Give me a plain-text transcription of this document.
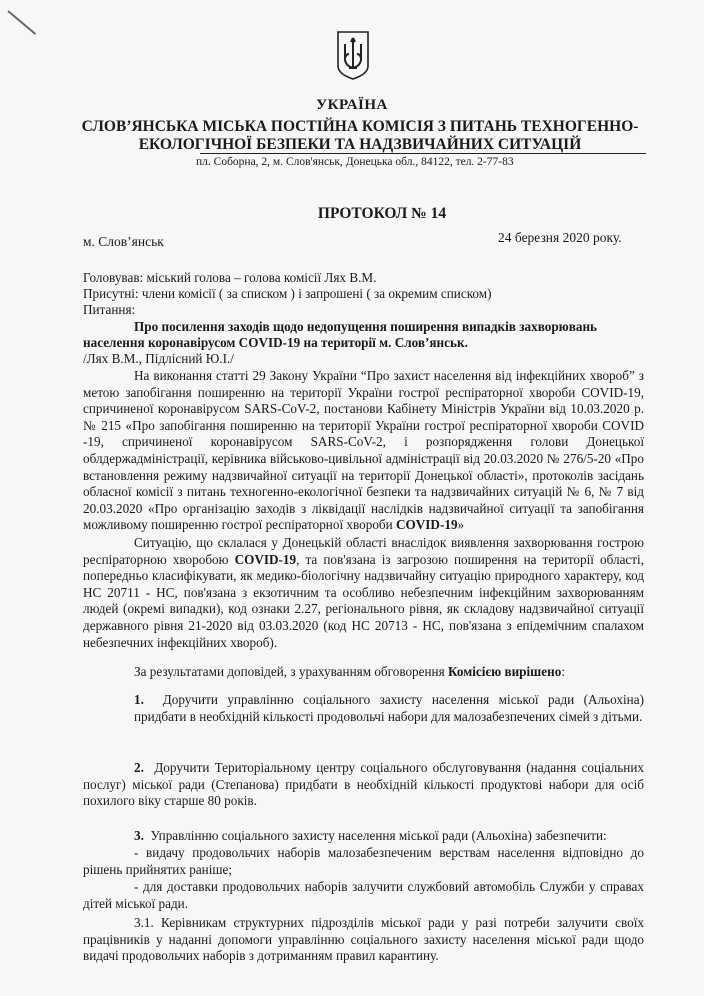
УКРАЇНА
СЛОВ’ЯНСЬКА МІСЬКА ПОСТІЙНА КОМІСІЯ З ПИТАНЬ ТЕХНОГЕННО-
ЕКОЛОГІЧНОЇ БЕЗПЕКИ ТА НАДЗВИЧАЙНИХ СИТУАЦІЙ
пл. Соборна, 2, м. Слов'янськ, Донецька обл., 84122, тел. 2-77-83
ПРОТОКОЛ № 14
м. Слов’янськ	24 березня 2020 року.
Головував: міський голова – голова комісії Лях В.М.
Присутні: члени комісії ( за списком ) і запрошені ( за окремим списком)
Питання:
Про посилення заходів щодо недопущення поширення випадків захворювань
населення коронавірусом COVID-19 на території м. Слов’янськ.
/Лях В.М., Підлісний Ю.І./

На виконання статті 29 Закону України “Про захист населення від інфекційних хвороб” з метою запобігання поширенню на території України гострої респіраторної хвороби COVID-19, спричиненої коронавірусом SARS-CoV-2, постанови Кабінету Міністрів України від 10.03.2020 р. № 215 «Про запобігання поширенню на території України гострої респіраторної хвороби COVID -19, спричиненої коронавірусом SARS-CoV-2, і розпорядження голови Донецької облдержадміністрації, керівника військово-цивільної адміністрації від 20.03.2020 № 276/5-20 «Про встановлення режиму надзвичайної ситуації на території Донецької області», протоколів засідань обласної комісії з питань техногенно-екологічної безпеки та надзвичайних ситуацій № 6, № 7 від 20.03.2020 «Про організацію заходів з ліквідації наслідків надзвичайної ситуації та запобігання можливому поширенню гострої респіраторної хвороби COVID-19»

Ситуацію, що склалася у Донецькій області внаслідок виявлення захворювання гострою респіраторною хворобою COVID-19, та пов'язана із загрозою поширення на території області, попередньо класифікувати, як медико-біологічну надзвичайну ситуацію природного характеру, код НС 20711 - НС, пов'язана з екзотичним та особливо небезпечним інфекційним захворюванням людей (окремі випадки), код ознаки 2.27, регіонального рівня, як складову надзвичайної ситуації державного рівня 21-2020 від 03.03.2020 (код НС 20713 - НС, пов'язана з епідемічним спалахом небезпечних інфекційних хвороб).

За результатами доповідей, з урахуванням обговорення Комісією вирішено:

1. Доручити управлінню соціального захисту населення міської ради (Альохіна) придбати в необхідній кількості продовольчі набори для малозабезпечених сімей з дітьми.

2. Доручити Територіальному центру соціального обслуговування (надання соціальних послуг) міської ради (Степанова) придбати в необхідній кількості продуктові набори для осіб похилого віку старше 80 років.

3. Управлінню соціального захисту населення міської ради (Альохіна) забезпечити:
- видачу продовольчих наборів малозабезпеченим верствам населення відповідно до рішень прийнятих раніше;
- для доставки продовольчих наборів залучити службовий автомобіль Служби у справах дітей міської ради.
3.1. Керівникам структурних підрозділів міської ради у разі потреби залучити своїх працівників у наданні допомоги управлінню соціального захисту населення міської ради щодо видачі продовольчих наборів з дотриманням правил карантину.
